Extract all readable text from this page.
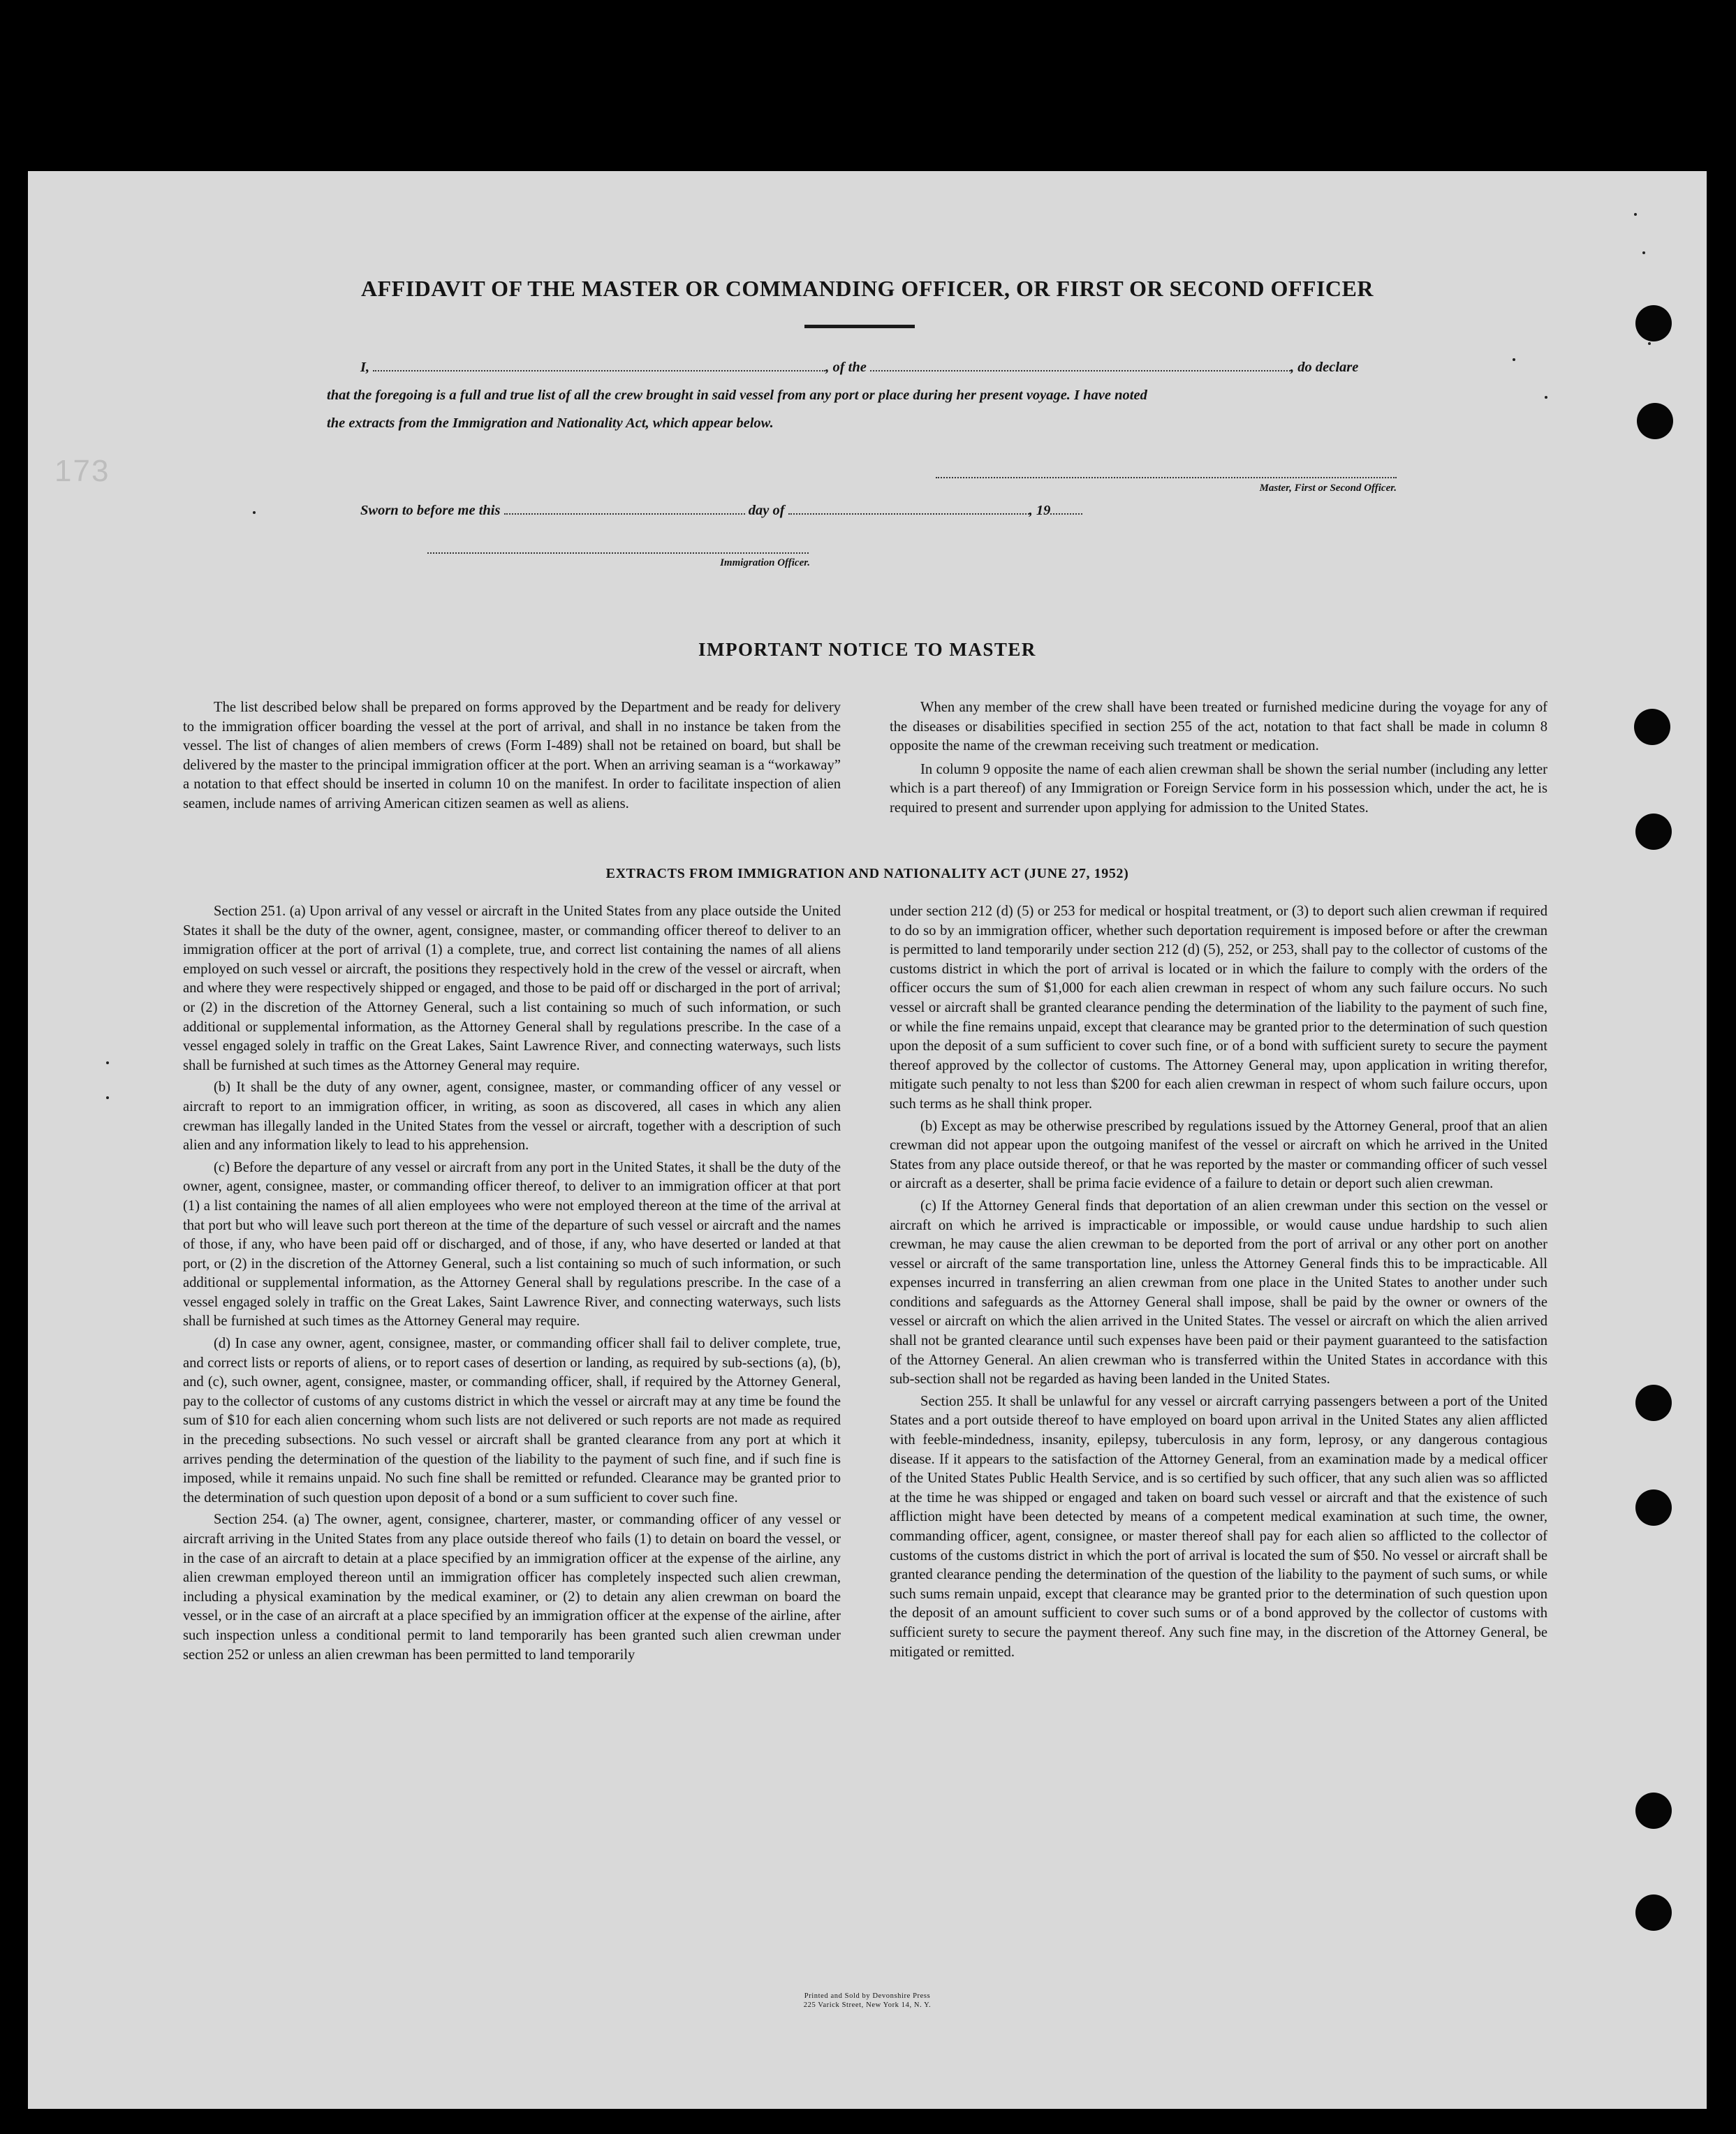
173
AFFIDAVIT OF THE MASTER OR COMMANDING OFFICER, OR FIRST OR SECOND OFFICER
I,	, of the	, do declare
that the foregoing is a full and true list of all the crew brought in said vessel from any port or place during her present voyage. I have noted
the extracts from the Immigration and Nationality Act, which appear below.
Master, First or Second Officer.
Sworn to before me this	day of	, 19
Immigration Officer.
IMPORTANT NOTICE TO MASTER

The list described below shall be prepared on forms approved by the Department and be ready for delivery to the immigration officer boarding the vessel at the port of arrival, and shall in no instance be taken from the vessel. The list of changes of alien members of crews (Form I-489) shall not be retained on board, but shall be delivered by the master to the principal immigration officer at the port. When an arriving seaman is a “workaway” a notation to that effect should be inserted in column 10 on the manifest. In order to facilitate inspection of alien seamen, include names of arriving American citizen seamen as well as aliens.

When any member of the crew shall have been treated or furnished medicine during the voyage for any of the diseases or disabilities specified in section 255 of the act, notation to that fact shall be made in column 8 opposite the name of the crewman receiving such treatment or medication.

In column 9 opposite the name of each alien crewman shall be shown the serial number (including any letter which is a part thereof) of any Immigration or Foreign Service form in his possession which, under the act, he is required to present and surrender upon applying for admission to the United States.

EXTRACTS FROM IMMIGRATION AND NATIONALITY ACT (JUNE 27, 1952)

Section 251. (a) Upon arrival of any vessel or aircraft in the United States from any place outside the United States it shall be the duty of the owner, agent, consignee, master, or commanding officer thereof to deliver to an immigration officer at the port of arrival (1) a complete, true, and correct list containing the names of all aliens employed on such vessel or aircraft, the positions they respectively hold in the crew of the vessel or aircraft, when and where they were respectively shipped or engaged, and those to be paid off or discharged in the port of arrival; or (2) in the discretion of the Attorney General, such a list containing so much of such information, or such additional or supplemental information, as the Attorney General shall by regulations prescribe. In the case of a vessel engaged solely in traffic on the Great Lakes, Saint Lawrence River, and connecting waterways, such lists shall be furnished at such times as the Attorney General may require.

(b) It shall be the duty of any owner, agent, consignee, master, or commanding officer of any vessel or aircraft to report to an immigration officer, in writing, as soon as discovered, all cases in which any alien crewman has illegally landed in the United States from the vessel or aircraft, together with a description of such alien and any information likely to lead to his apprehension.

(c) Before the departure of any vessel or aircraft from any port in the United States, it shall be the duty of the owner, agent, consignee, master, or commanding officer thereof, to deliver to an immigration officer at that port (1) a list containing the names of all alien employees who were not employed thereon at the time of the arrival at that port but who will leave such port thereon at the time of the departure of such vessel or aircraft and the names of those, if any, who have been paid off or discharged, and of those, if any, who have deserted or landed at that port, or (2) in the discretion of the Attorney General, such a list containing so much of such information, or such additional or supplemental information, as the Attorney General shall by regulations prescribe. In the case of a vessel engaged solely in traffic on the Great Lakes, Saint Lawrence River, and connecting waterways, such lists shall be furnished at such times as the Attorney General may require.

(d) In case any owner, agent, consignee, master, or commanding officer shall fail to deliver complete, true, and correct lists or reports of aliens, or to report cases of desertion or landing, as required by sub-sections (a), (b), and (c), such owner, agent, consignee, master, or commanding officer, shall, if required by the Attorney General, pay to the collector of customs of any customs district in which the vessel or aircraft may at any time be found the sum of $10 for each alien concerning whom such lists are not delivered or such reports are not made as required in the preceding subsections. No such vessel or aircraft shall be granted clearance from any port at which it arrives pending the determination of the question of the liability to the payment of such fine, and if such fine is imposed, while it remains unpaid. No such fine shall be remitted or refunded. Clearance may be granted prior to the determination of such question upon deposit of a bond or a sum sufficient to cover such fine.

Section 254. (a) The owner, agent, consignee, charterer, master, or commanding officer of any vessel or aircraft arriving in the United States from any place outside thereof who fails (1) to detain on board the vessel, or in the case of an aircraft to detain at a place specified by an immigration officer at the expense of the airline, any alien crewman employed thereon until an immigration officer has completely inspected such alien crewman, including a physical examination by the medical examiner, or (2) to detain any alien crewman on board the vessel, or in the case of an aircraft at a place specified by an immigration officer at the expense of the airline, after such inspection unless a conditional permit to land temporarily has been granted such alien crewman under section 252 or unless an alien crewman has been permitted to land temporarily

under section 212 (d) (5) or 253 for medical or hospital treatment, or (3) to deport such alien crewman if required to do so by an immigration officer, whether such deportation requirement is imposed before or after the crewman is permitted to land temporarily under section 212 (d) (5), 252, or 253, shall pay to the collector of customs of the customs district in which the port of arrival is located or in which the failure to comply with the orders of the officer occurs the sum of $1,000 for each alien crewman in respect of whom any such failure occurs. No such vessel or aircraft shall be granted clearance pending the determination of the liability to the payment of such fine, or while the fine remains unpaid, except that clearance may be granted prior to the determination of such question upon the deposit of a sum sufficient to cover such fine, or of a bond with sufficient surety to secure the payment thereof approved by the collector of customs. The Attorney General may, upon application in writing therefor, mitigate such penalty to not less than $200 for each alien crewman in respect of whom such failure occurs, upon such terms as he shall think proper.

(b) Except as may be otherwise prescribed by regulations issued by the Attorney General, proof that an alien crewman did not appear upon the outgoing manifest of the vessel or aircraft on which he arrived in the United States from any place outside thereof, or that he was reported by the master or commanding officer of such vessel or aircraft as a deserter, shall be prima facie evidence of a failure to detain or deport such alien crewman.

(c) If the Attorney General finds that deportation of an alien crewman under this section on the vessel or aircraft on which he arrived is impracticable or impossible, or would cause undue hardship to such alien crewman, he may cause the alien crewman to be deported from the port of arrival or any other port on another vessel or aircraft of the same transportation line, unless the Attorney General finds this to be impracticable. All expenses incurred in transferring an alien crewman from one place in the United States to another under such conditions and safeguards as the Attorney General shall impose, shall be paid by the owner or owners of the vessel or aircraft on which the alien arrived in the United States. The vessel or aircraft on which the alien arrived shall not be granted clearance until such expenses have been paid or their payment guaranteed to the satisfaction of the Attorney General. An alien crewman who is transferred within the United States in accordance with this sub-section shall not be regarded as having been landed in the United States.

Section 255. It shall be unlawful for any vessel or aircraft carrying passengers between a port of the United States and a port outside thereof to have employed on board upon arrival in the United States any alien afflicted with feeble-mindedness, insanity, epilepsy, tuberculosis in any form, leprosy, or any dangerous contagious disease. If it appears to the satisfaction of the Attorney General, from an examination made by a medical officer of the United States Public Health Service, and is so certified by such officer, that any such alien was so afflicted at the time he was shipped or engaged and taken on board such vessel or aircraft and that the existence of such affliction might have been detected by means of a competent medical examination at such time, the owner, commanding officer, agent, consignee, or master thereof shall pay for each alien so afflicted to the collector of customs of the customs district in which the port of arrival is located the sum of $50. No vessel or aircraft shall be granted clearance pending the determination of the question of the liability to the payment of such sums, or while such sums remain unpaid, except that clearance may be granted prior to the determination of such question upon the deposit of an amount sufficient to cover such sums or of a bond approved by the collector of customs with sufficient surety to secure the payment thereof. Any such fine may, in the discretion of the Attorney General, be mitigated or remitted.

Printed and Sold by Devonshire Press
225 Varick Street, New York 14, N. Y.
